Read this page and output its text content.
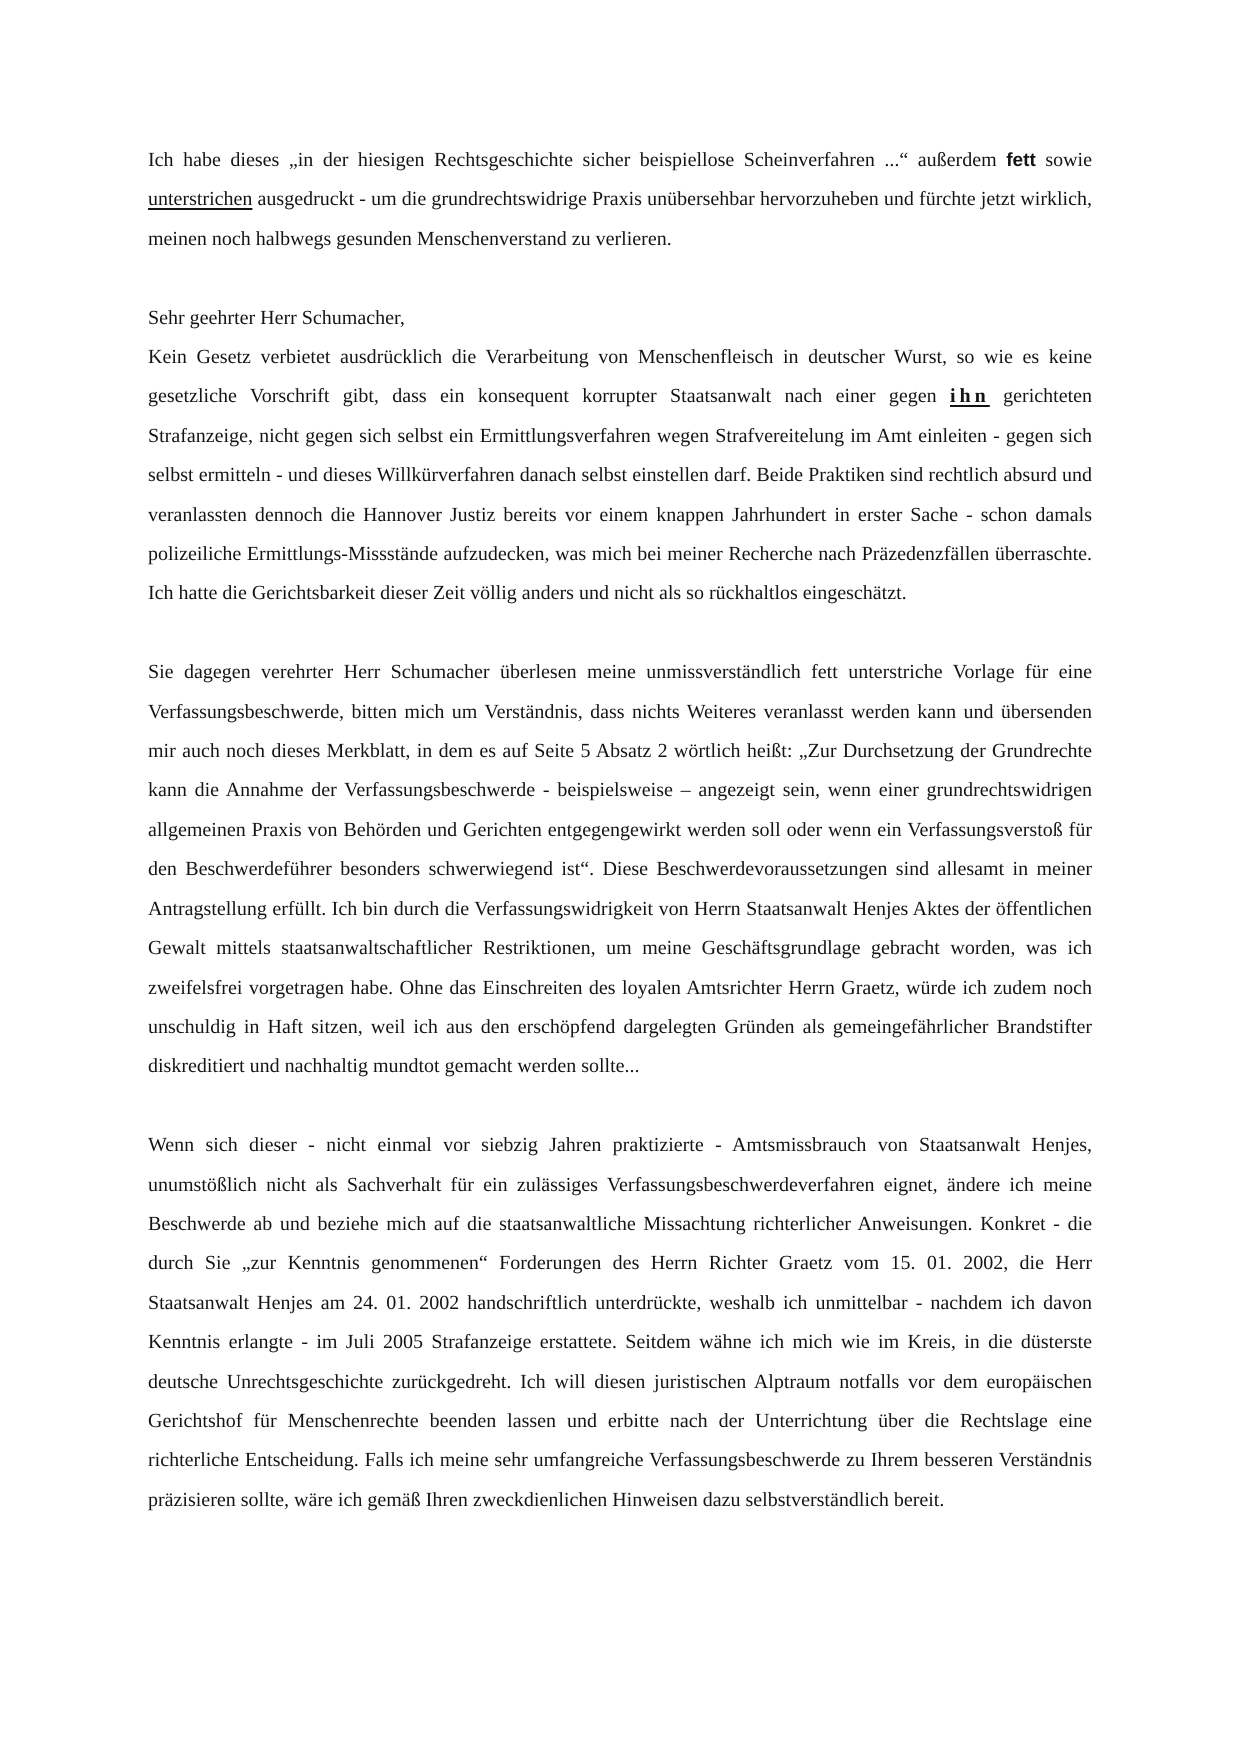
Ich habe dieses „in der hiesigen Rechtsgeschichte sicher beispiellose Scheinverfahren ...“ außerdem fett sowie unterstrichen ausgedruckt - um die grundrechtswidrige Praxis unübersehbar hervorzuheben und fürchte jetzt wirklich, meinen noch halbwegs gesunden Menschenverstand zu verlieren.

Sehr geehrter Herr Schumacher,

Kein Gesetz verbietet ausdrücklich die Verarbeitung von Menschenfleisch in deutscher Wurst, so wie es keine gesetzliche Vorschrift gibt, dass ein konsequent korrupter Staatsanwalt nach einer gegen ihn gerichteten Strafanzeige, nicht gegen sich selbst ein Ermittlungsverfahren wegen Strafvereitelung im Amt einleiten - gegen sich selbst ermitteln - und dieses Willkürverfahren danach selbst einstellen darf. Beide Praktiken sind rechtlich absurd und veranlassten dennoch die Hannover Justiz bereits vor einem knappen Jahrhundert in erster Sache - schon damals polizeiliche Ermittlungs-Missstände aufzudecken, was mich bei meiner Recherche nach Präzedenzfällen überraschte. Ich hatte die Gerichtsbarkeit dieser Zeit völlig anders und nicht als so rückhaltlos eingeschätzt.

Sie dagegen verehrter Herr Schumacher überlesen meine unmissverständlich fett unterstriche Vorlage für eine Verfassungsbeschwerde, bitten mich um Verständnis, dass nichts Weiteres veranlasst werden kann und übersenden mir auch noch dieses Merkblatt, in dem es auf Seite 5 Absatz 2 wörtlich heißt: „Zur Durchsetzung der Grundrechte kann die Annahme der Verfassungsbeschwerde - beispielsweise – angezeigt sein, wenn einer grundrechtswidrigen allgemeinen Praxis von Behörden und Gerichten entgegengewirkt werden soll oder wenn ein Verfassungsverstoß für den Beschwerdeführer besonders schwerwiegend ist“. Diese Beschwerdevoraussetzungen sind allesamt in meiner Antragstellung erfüllt. Ich bin durch die Verfassungswidrigkeit von Herrn Staatsanwalt Henjes Aktes der öffentlichen Gewalt mittels staatsanwaltschaftlicher Restriktionen, um meine Geschäftsgrundlage gebracht worden, was ich zweifelsfrei vorgetragen habe. Ohne das Einschreiten des loyalen Amtsrichter Herrn Graetz, würde ich zudem noch unschuldig in Haft sitzen, weil ich aus den erschöpfend dargelegten Gründen als gemeingefährlicher Brandstifter diskreditiert und nachhaltig mundtot gemacht werden sollte...

Wenn sich dieser - nicht einmal vor siebzig Jahren praktizierte - Amtsmissbrauch von Staatsanwalt Henjes, unumstößlich nicht als Sachverhalt für ein zulässiges Verfassungsbeschwerdeverfahren eignet, ändere ich meine Beschwerde ab und beziehe mich auf die staatsanwaltliche Missachtung richterlicher Anweisungen. Konkret - die durch Sie „zur Kenntnis genommenen“ Forderungen des Herrn Richter Graetz vom 15. 01. 2002, die Herr Staatsanwalt Henjes am 24. 01. 2002 handschriftlich unterdrückte, weshalb ich unmittelbar - nachdem ich davon Kenntnis erlangte - im Juli 2005 Strafanzeige erstattete. Seitdem wähne ich mich wie im Kreis, in die düsterste deutsche Unrechtsgeschichte zurückgedreht. Ich will diesen juristischen Alptraum notfalls vor dem europäischen Gerichtshof für Menschenrechte beenden lassen und erbitte nach der Unterrichtung über die Rechtslage eine richterliche Entscheidung. Falls ich meine sehr umfangreiche Verfassungsbeschwerde zu Ihrem besseren Verständnis präzisieren sollte, wäre ich gemäß Ihren zweckdienlichen Hinweisen dazu selbstverständlich bereit.
